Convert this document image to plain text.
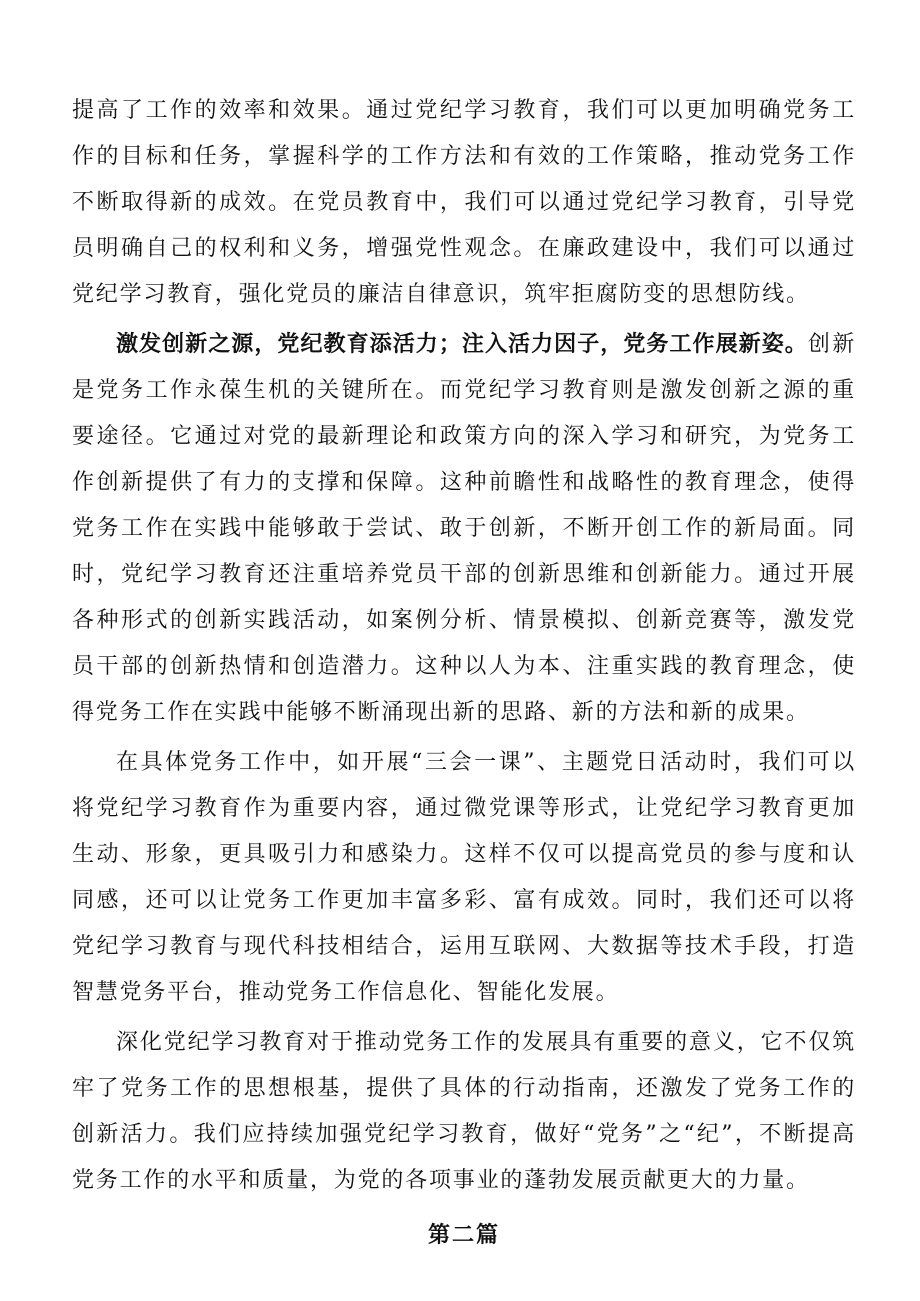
提高了工作的效率和效果。通过党纪学习教育，我们可以更加明确党务工作的目标和任务，掌握科学的工作方法和有效的工作策略，推动党务工作不断取得新的成效。在党员教育中，我们可以通过党纪学习教育，引导党员明确自己的权利和义务，增强党性观念。在廉政建设中，我们可以通过党纪学习教育，强化党员的廉洁自律意识，筑牢拒腐防变的思想防线。

激发创新之源，党纪教育添活力；注入活力因子，党务工作展新姿。创新是党务工作永葆生机的关键所在。而党纪学习教育则是激发创新之源的重要途径。它通过对党的最新理论和政策方向的深入学习和研究，为党务工作创新提供了有力的支撑和保障。这种前瞻性和战略性的教育理念，使得党务工作在实践中能够敢于尝试、敢于创新，不断开创工作的新局面。同时，党纪学习教育还注重培养党员干部的创新思维和创新能力。通过开展各种形式的创新实践活动，如案例分析、情景模拟、创新竞赛等，激发党员干部的创新热情和创造潜力。这种以人为本、注重实践的教育理念，使得党务工作在实践中能够不断涌现出新的思路、新的方法和新的成果。

在具体党务工作中，如开展“三会一课”、主题党日活动时，我们可以将党纪学习教育作为重要内容，通过微党课等形式，让党纪学习教育更加生动、形象，更具吸引力和感染力。这样不仅可以提高党员的参与度和认同感，还可以让党务工作更加丰富多彩、富有成效。同时，我们还可以将党纪学习教育与现代科技相结合，运用互联网、大数据等技术手段，打造智慧党务平台，推动党务工作信息化、智能化发展。

深化党纪学习教育对于推动党务工作的发展具有重要的意义，它不仅筑牢了党务工作的思想根基，提供了具体的行动指南，还激发了党务工作的创新活力。我们应持续加强党纪学习教育，做好“党务”之“纪”，不断提高党务工作的水平和质量，为党的各项事业的蓬勃发展贡献更大的力量。

第二篇
